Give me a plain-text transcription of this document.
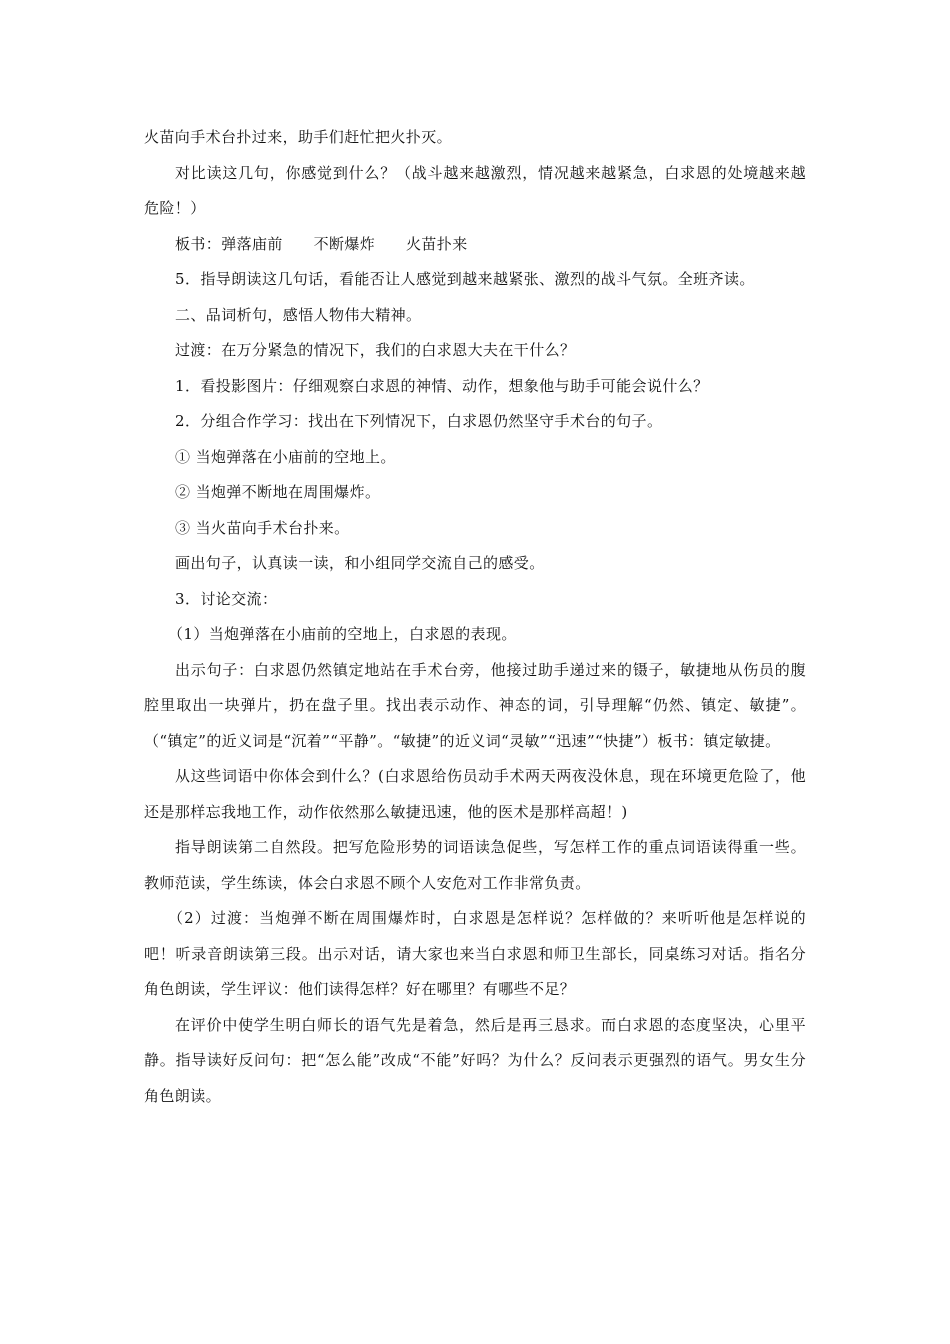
火苗向手术台扑过来，助手们赶忙把火扑灭。

对比读这几句，你感觉到什么？（战斗越来越激烈，情况越来越紧急，白求恩的处境越来越危险！）

板书：弹落庙前　　不断爆炸　　火苗扑来

5．指导朗读这几句话，看能否让人感觉到越来越紧张、激烈的战斗气氛。全班齐读。

二、品词析句，感悟人物伟大精神。

过渡：在万分紧急的情况下，我们的白求恩大夫在干什么？

1．看投影图片：仔细观察白求恩的神情、动作，想象他与助手可能会说什么？

2．分组合作学习：找出在下列情况下，白求恩仍然坚守手术台的句子。

① 当炮弹落在小庙前的空地上。

② 当炮弹不断地在周围爆炸。

③ 当火苗向手术台扑来。

画出句子，认真读一读，和小组同学交流自己的感受。

3．讨论交流：

（1）当炮弹落在小庙前的空地上，白求恩的表现。

出示句子：白求恩仍然镇定地站在手术台旁，他接过助手递过来的镊子，敏捷地从伤员的腹腔里取出一块弹片，扔在盘子里。找出表示动作、神态的词，引导理解“仍然、镇定、敏捷”。（“镇定”的近义词是“沉着”“平静”。“敏捷”的近义词“灵敏”“迅速”“快捷”）板书：镇定敏捷。

从这些词语中你体会到什么？(白求恩给伤员动手术两天两夜没休息，现在环境更危险了，他还是那样忘我地工作，动作依然那么敏捷迅速，他的医术是那样高超！)

指导朗读第二自然段。把写危险形势的词语读急促些，写怎样工作的重点词语读得重一些。教师范读，学生练读，体会白求恩不顾个人安危对工作非常负责。

（2）过渡：当炮弹不断在周围爆炸时，白求恩是怎样说？怎样做的？来听听他是怎样说的吧！听录音朗读第三段。出示对话，请大家也来当白求恩和师卫生部长，同桌练习对话。指名分角色朗读，学生评议：他们读得怎样？好在哪里？有哪些不足？

在评价中使学生明白师长的语气先是着急，然后是再三恳求。而白求恩的态度坚决，心里平静。指导读好反问句：把“怎么能”改成“不能”好吗？为什么？反问表示更强烈的语气。男女生分角色朗读。
